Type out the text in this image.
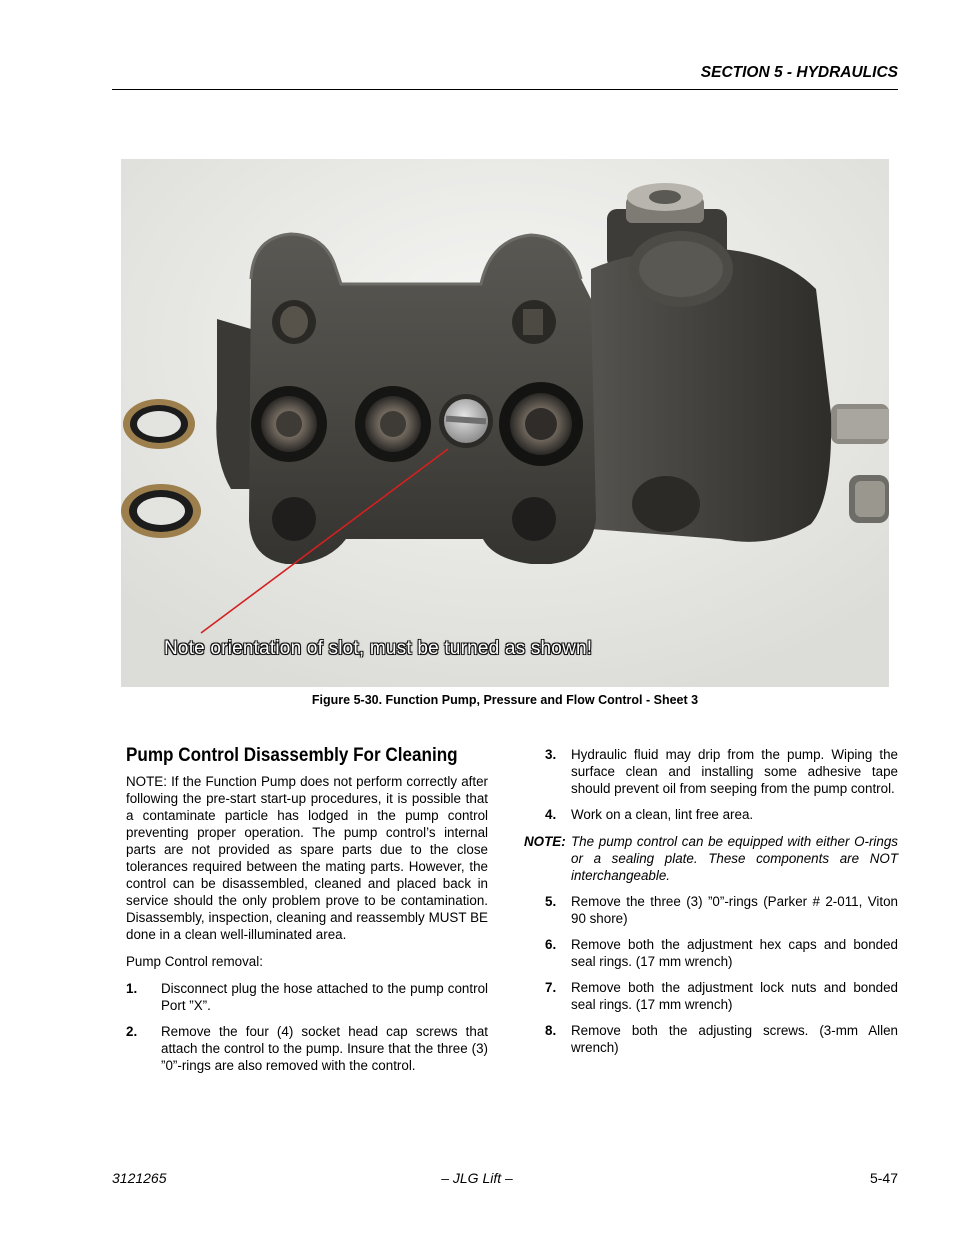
SECTION 5 - HYDRAULICS
Note orientation of slot, must be turned as shown!
Figure 5-30. Function Pump, Pressure and Flow Control - Sheet 3
Pump Control Disassembly For Cleaning

NOTE: If the Function Pump does not perform correctly after following the pre-start start-up procedures, it is possible that a contaminate particle has lodged in the pump control preventing proper operation. The pump control’s internal parts are not provided as spare parts due to the close tolerances required between the mating parts. However, the control can be disassembled, cleaned and placed back in service should the only problem prove to be contamination. Disassembly, inspection, cleaning and reassembly MUST BE done in a clean well-illuminated area.

Pump Control removal:

1.	Disconnect plug the hose attached to the pump control Port ”X”.
2.	Remove the four (4) socket head cap screws that attach the control to the pump. Insure that the three (3) ”0”-rings are also removed with the control.
3.	Hydraulic fluid may drip from the pump. Wiping the surface clean and installing some adhesive tape should prevent oil from seeping from the pump control.
4.	Work on a clean, lint free area.
NOTE: The pump control can be equipped with either O-rings or a sealing plate. These components are NOT interchangeable.
5.	Remove the three (3) ”0”-rings (Parker # 2-011, Viton 90 shore)
6.	Remove both the adjustment hex caps and bonded seal rings. (17 mm wrench)
7.	Remove both the adjustment lock nuts and bonded seal rings. (17 mm wrench)
8.	Remove both the adjusting screws. (3-mm Allen wrench)
3121265	– JLG Lift –	5-47
